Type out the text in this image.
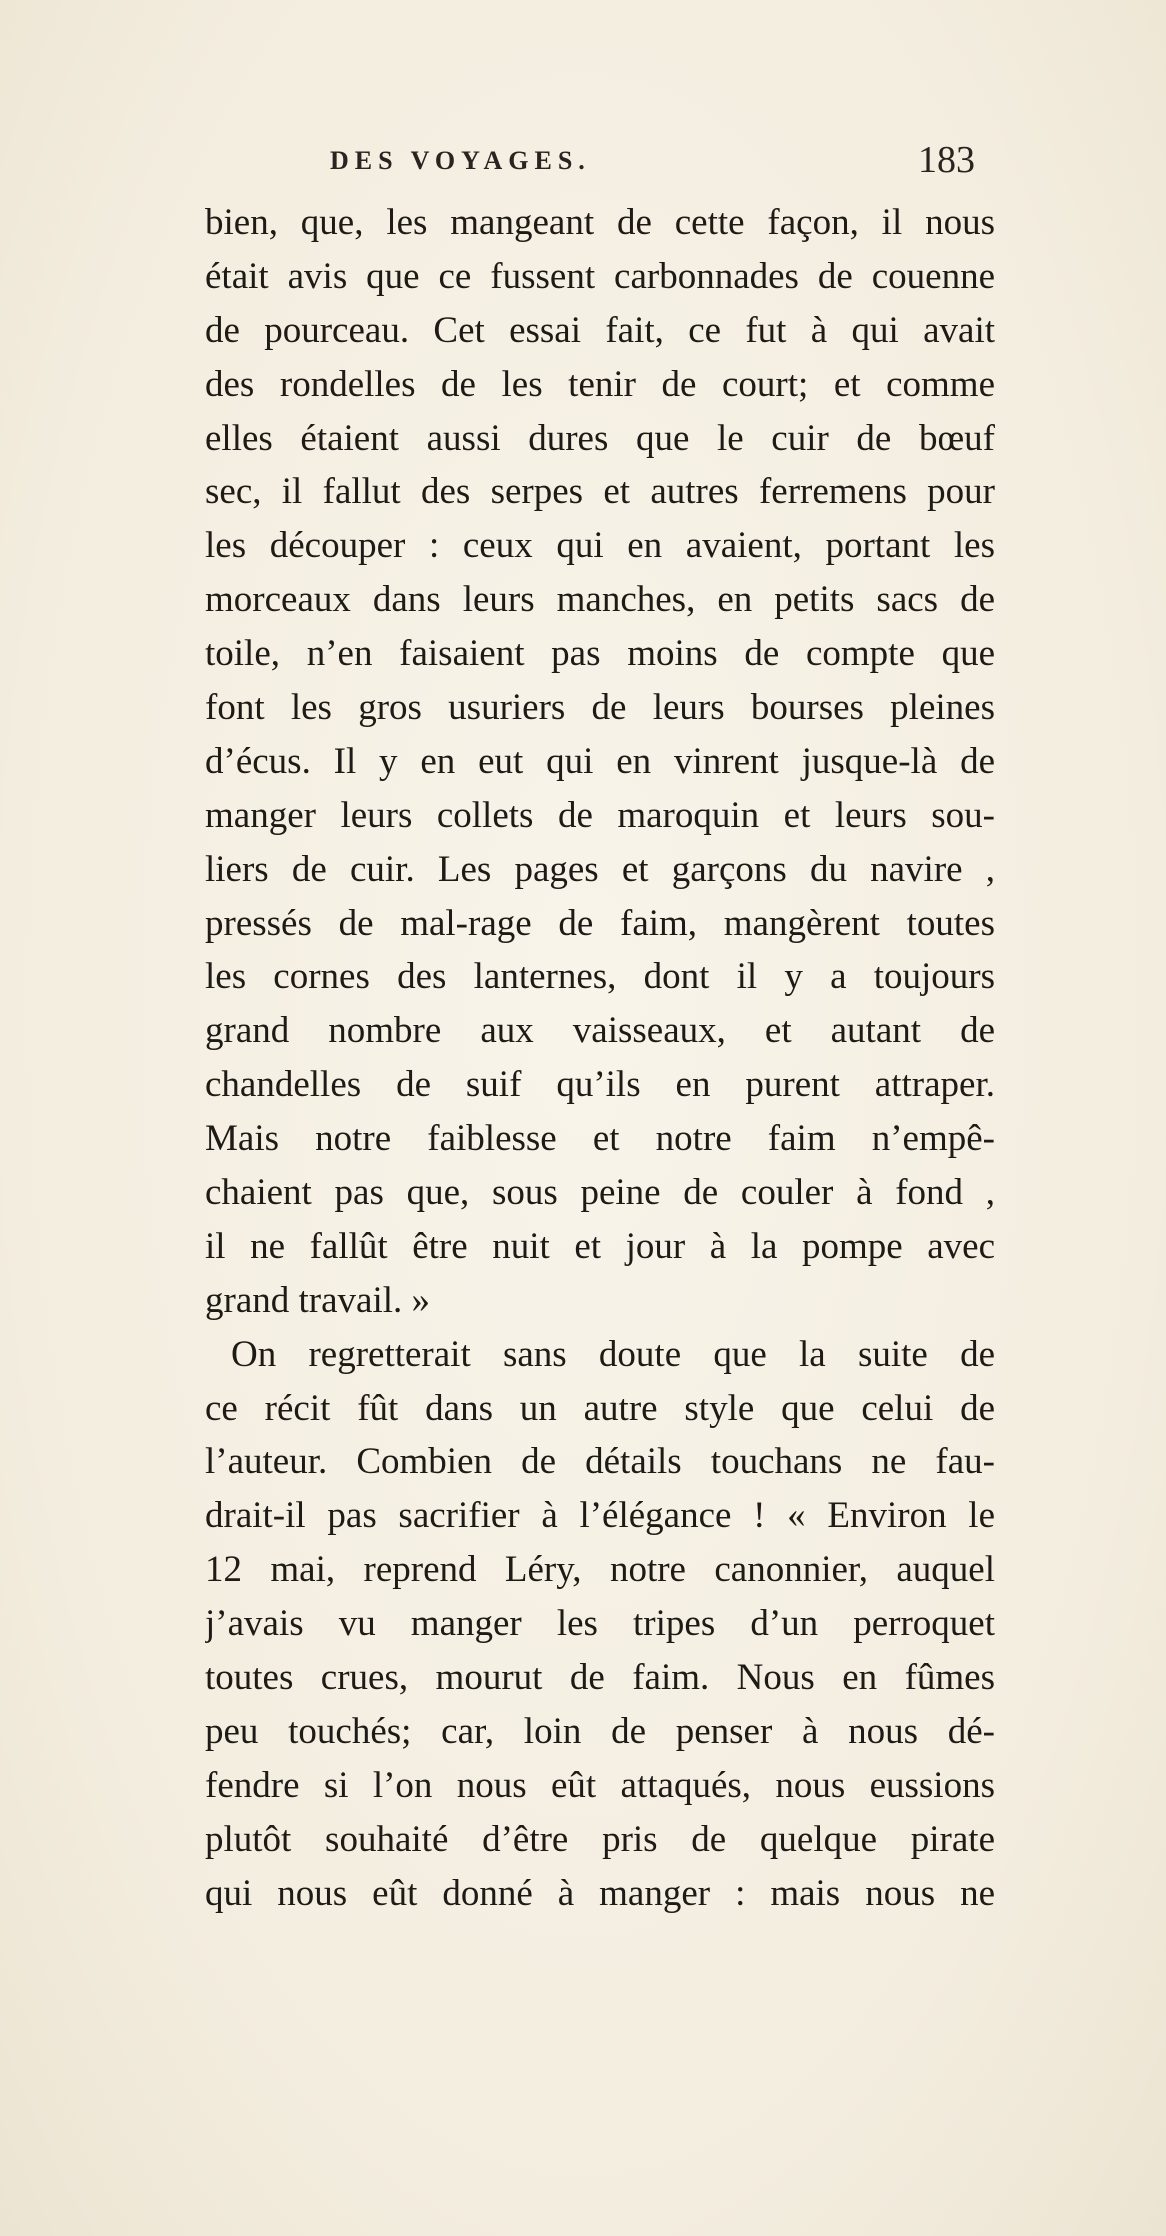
DES VOYAGES.	183
bien, que, les mangeant de cette façon, il nous
était avis que ce fussent carbonnades de couenne
de pourceau. Cet essai fait, ce fut à qui avait
des rondelles de les tenir de court; et comme
elles étaient aussi dures que le cuir de bœuf
sec, il fallut des serpes et autres ferremens pour
les découper : ceux qui en avaient, portant les
morceaux dans leurs manches, en petits sacs de
toile, n’en faisaient pas moins de compte que
font les gros usuriers de leurs bourses pleines
d’écus. Il y en eut qui en vinrent jusque-là de
manger leurs collets de maroquin et leurs sou-
liers de cuir. Les pages et garçons du navire ,
pressés de mal-rage de faim, mangèrent toutes
les cornes des lanternes, dont il y a toujours
grand nombre aux vaisseaux, et autant de
chandelles de suif qu’ils en purent attraper.
Mais notre faiblesse et notre faim n’empê-
chaient pas que, sous peine de couler à fond ,
il ne fallût être nuit et jour à la pompe avec
grand travail. »
On regretterait sans doute que la suite de
ce récit fût dans un autre style que celui de
l’auteur. Combien de détails touchans ne fau-
drait-il pas sacrifier à l’élégance ! « Environ le
12 mai, reprend Léry, notre canonnier, auquel
j’avais vu manger les tripes d’un perroquet
toutes crues, mourut de faim. Nous en fûmes
peu touchés; car, loin de penser à nous dé-
fendre si l’on nous eût attaqués, nous eussions
plutôt souhaité d’être pris de quelque pirate
qui nous eût donné à manger : mais nous ne
